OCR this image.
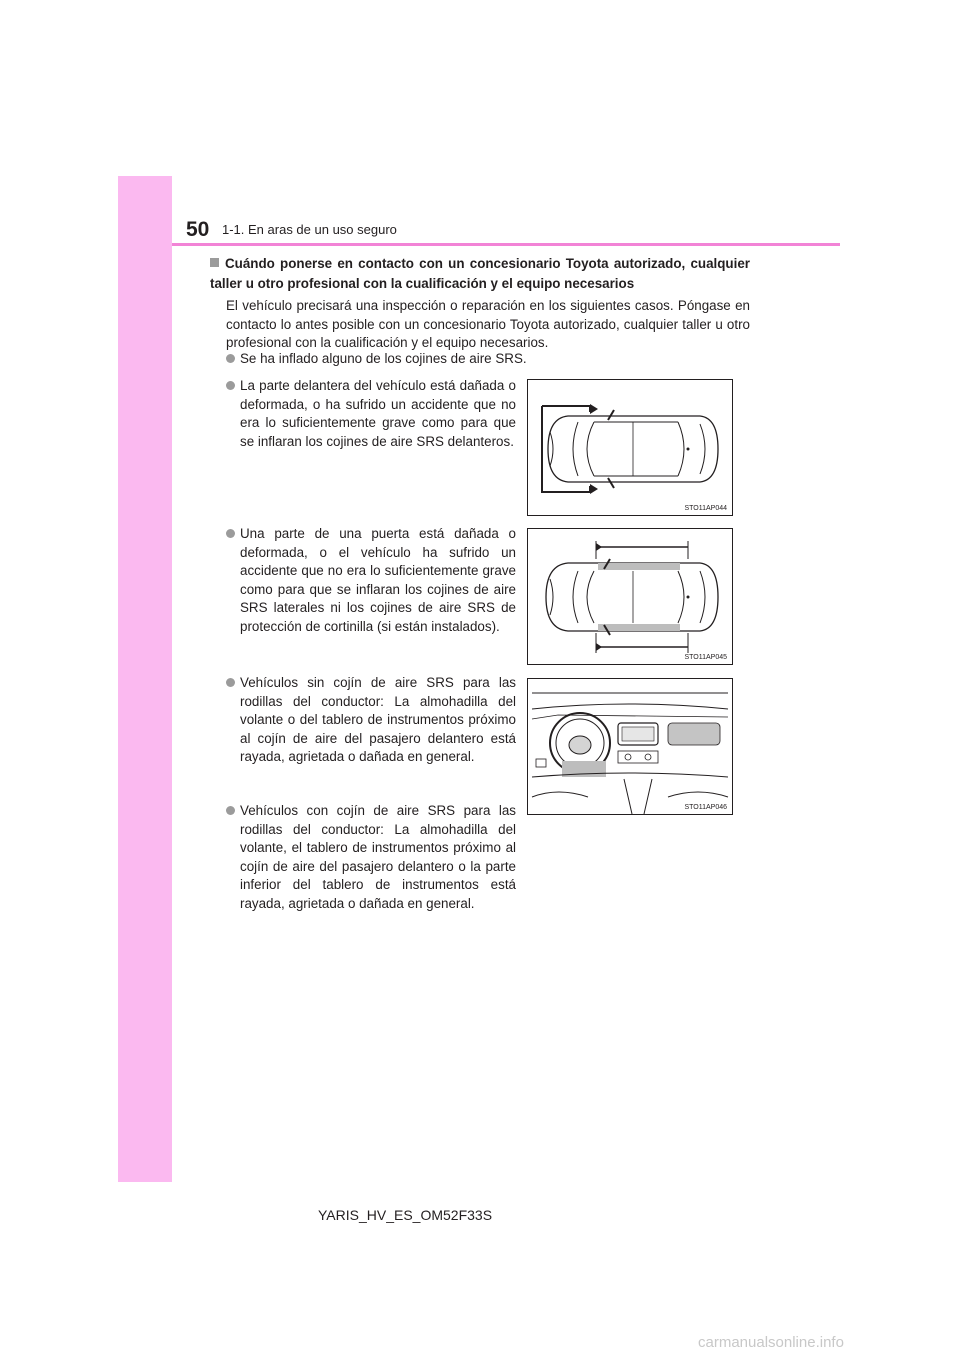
50 1-1. En aras de un uso seguro
Cuándo ponerse en contacto con un concesionario Toyota autorizado, cualquier taller u otro profesional con la cualificación y el equipo necesarios
El vehículo precisará una inspección o reparación en los siguientes casos. Póngase en contacto lo antes posible con un concesionario Toyota autorizado, cualquier taller u otro profesional con la cualificación y el equipo necesarios.
Se ha inflado alguno de los cojines de aire SRS.
La parte delantera del vehículo está dañada o deformada, o ha sufrido un accidente que no era lo suficientemente grave como para que se inflaran los cojines de aire SRS delanteros.
Una parte de una puerta está dañada o deformada, o el vehículo ha sufrido un accidente que no era lo suficientemente grave como para que se inflaran los cojines de aire SRS laterales ni los cojines de aire SRS de protección de cortinilla (si están instalados).
Vehículos sin cojín de aire SRS para las rodillas del conductor: La almohadilla del volante o del tablero de instrumentos próximo al cojín de aire del pasajero delantero está rayada, agrietada o dañada en general.
Vehículos con cojín de aire SRS para las rodillas del conductor: La almohadilla del volante, el tablero de instrumentos próximo al cojín de aire del pasajero delantero o la parte inferior del tablero de instrumentos está rayada, agrietada o dañada en general.
STO11AP044
STO11AP045
STO11AP046
YARIS_HV_ES_OM52F33S
carmanualsonline.info
